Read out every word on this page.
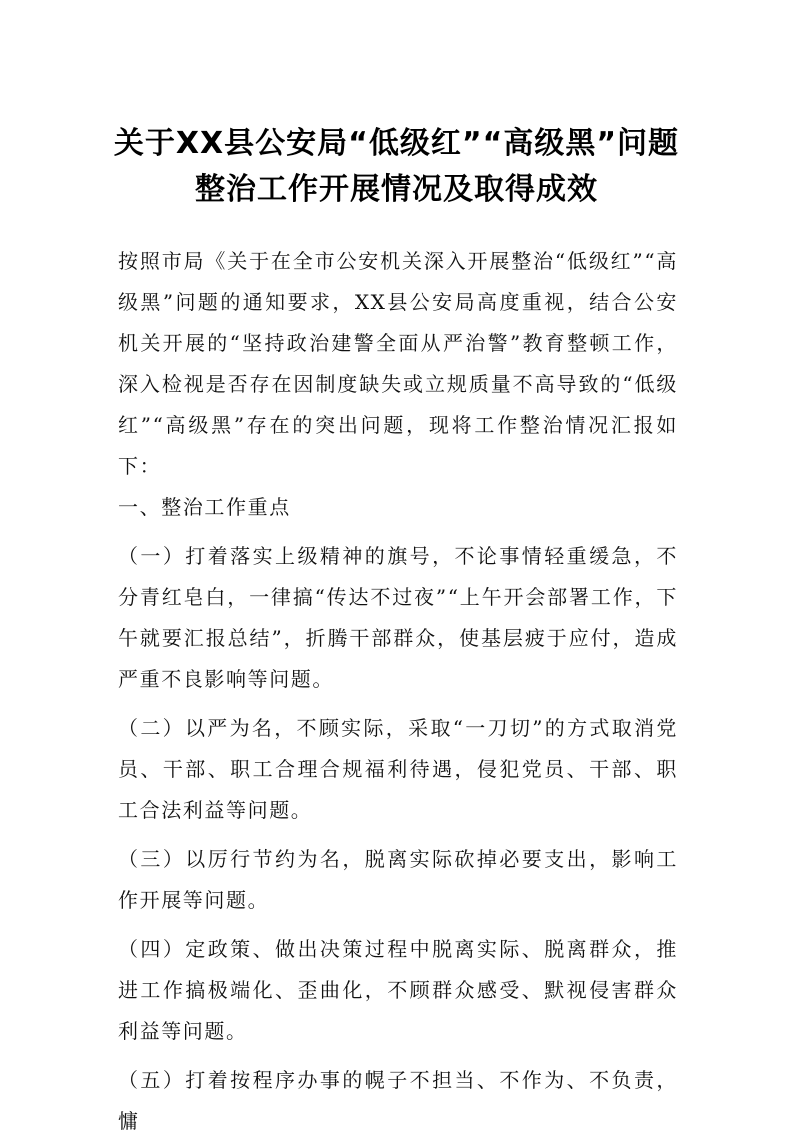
关于XX县公安局“低级红”“高级黑”问题
整治工作开展情况及取得成效

按照市局《关于在全市公安机关深入开展整治“低级红”“高级黑”问题的通知要求，XX县公安局高度重视，结合公安机关开展的“坚持政治建警全面从严治警”教育整顿工作，深入检视是否存在因制度缺失或立规质量不高导致的“低级红”“高级黑”存在的突出问题，现将工作整治情况汇报如下：

一、整治工作重点

（一）打着落实上级精神的旗号，不论事情轻重缓急，不分青红皂白，一律搞“传达不过夜”“上午开会部署工作，下午就要汇报总结”，折腾干部群众，使基层疲于应付，造成严重不良影响等问题。

（二）以严为名，不顾实际，采取“一刀切”的方式取消党员、干部、职工合理合规福利待遇，侵犯党员、干部、职工合法利益等问题。

（三）以厉行节约为名，脱离实际砍掉必要支出，影响工作开展等问题。

（四）定政策、做出决策过程中脱离实际、脱离群众，推进工作搞极端化、歪曲化，不顾群众感受、默视侵害群众利益等问题。

（五）打着按程序办事的幌子不担当、不作为、不负责，慵
